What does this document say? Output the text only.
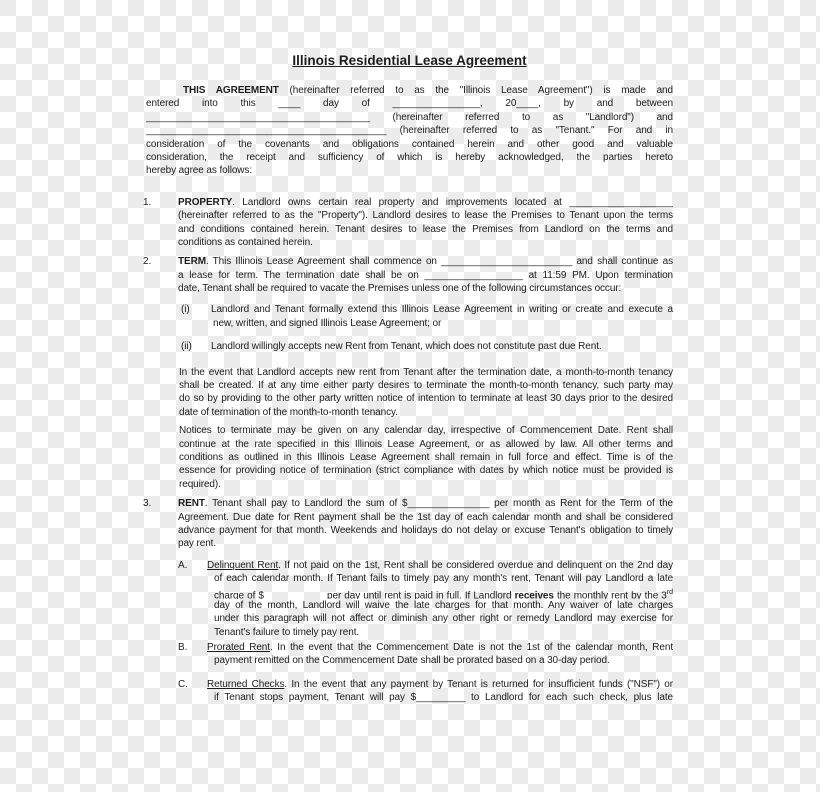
Illinois Residential Lease Agreement
THIS AGREEMENT (hereinafter referred to as the "Illinois Lease Agreement") is made and
entered into this ____ day of ________________, 20____, by and between
_________________________________________ (hereinafter referred to as "Landlord") and
____________________________________________ (hereinafter referred to as "Tenant." For and in
consideration of the covenants and obligations contained herein and other good and valuable
consideration, the receipt and sufficiency of which is hereby acknowledged, the parties hereto
hereby agree as follows:
1.	PROPERTY. Landlord owns certain real property and improvements located at ___________________
(hereinafter referred to as the "Property"). Landlord desires to lease the Premises to Tenant upon the terms
and conditions contained herein. Tenant desires to lease the Premises from Landlord on the terms and
conditions as contained herein.
2.	TERM. This Illinois Lease Agreement shall commence on ________________________ and shall continue as
a lease for term. The termination date shall be on __________________ at 11:59 PM. Upon termination
date, Tenant shall be required to vacate the Premises unless one of the following circumstances occur:
(i) Landlord and Tenant formally extend this Illinois Lease Agreement in writing or create and execute a
new, written, and signed Illinois Lease Agreement; or
(ii) Landlord willingly accepts new Rent from Tenant, which does not constitute past due Rent.
In the event that Landlord accepts new rent from Tenant after the termination date, a month-to-month tenancy
shall be created. If at any time either party desires to terminate the month-to-month tenancy, such party may
do so by providing to the other party written notice of intention to terminate at least 30 days prior to the desired
date of termination of the month-to-month tenancy.
Notices to terminate may be given on any calendar day, irrespective of Commencement Date. Rent shall
continue at the rate specified in this Illinois Lease Agreement, or as allowed by law. All other terms and
conditions as outlined in this Illinois Lease Agreement shall remain in full force and effect. Time is of the
essence for providing notice of termination (strict compliance with dates by which notice must be provided is
required).
3.	RENT. Tenant shall pay to Landlord the sum of $_______________ per month as Rent for the Term of the
Agreement. Due date for Rent payment shall be the 1st day of each calendar month and shall be considered
advance payment for that month. Weekends and holidays do not delay or excuse Tenant's obligation to timely
pay rent.
A. Delinquent Rent. If not paid on the 1st, Rent shall be considered overdue and delinquent on the 2nd day
of each calendar month. If Tenant fails to timely pay any month's rent, Tenant will pay Landlord a late
charge of $___________ per day until rent is paid in full. If Landlord receives the monthly rent by the 3rd
day of the month, Landlord will waive the late charges for that month. Any waiver of late charges
under this paragraph will not affect or diminish any other right or remedy Landlord may exercise for
Tenant's failure to timely pay rent.
B. Prorated Rent. In the event that the Commencement Date is not the 1st of the calendar month, Rent
payment remitted on the Commencement Date shall be prorated based on a 30-day period.
C. Returned Checks. In the event that any payment by Tenant is returned for insufficient funds ("NSF") or
if Tenant stops payment, Tenant will pay $_________ to Landlord for each such check, plus late
